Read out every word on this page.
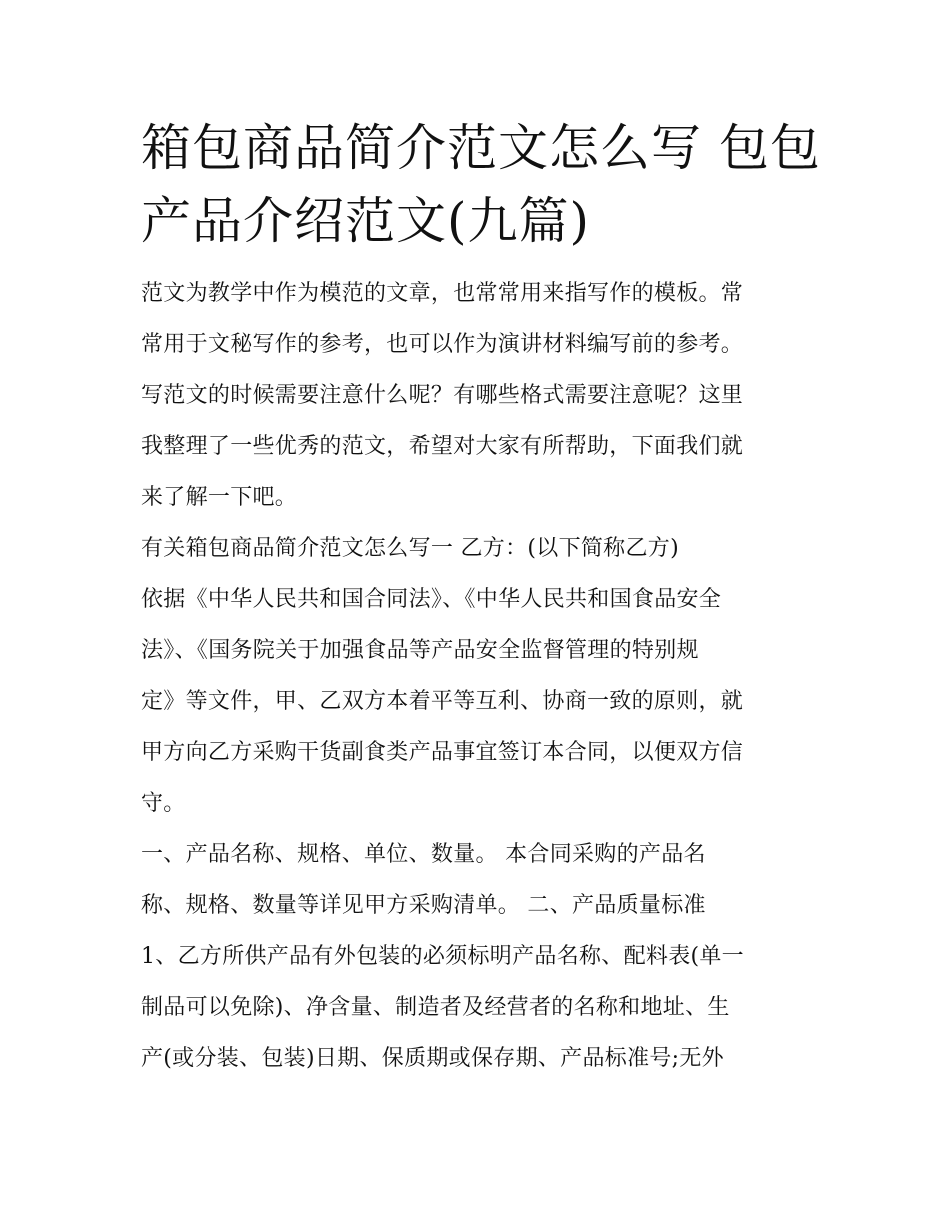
箱包商品简介范文怎么写 包包
产品介绍范文(九篇)
范文为教学中作为模范的文章，也常常用来指写作的模板。常
常用于文秘写作的参考，也可以作为演讲材料编写前的参考。
写范文的时候需要注意什么呢？有哪些格式需要注意呢？这里
我整理了一些优秀的范文，希望对大家有所帮助，下面我们就
来了解一下吧。
有关箱包商品简介范文怎么写一 乙方：(以下简称乙方)
依据《中华人民共和国合同法》、《中华人民共和国食品安全
法》、《国务院关于加强食品等产品安全监督管理的特别规
定》等文件，甲、乙双方本着平等互利、协商一致的原则，就
甲方向乙方采购干货副食类产品事宜签订本合同，以便双方信
守。
一、产品名称、规格、单位、数量。 本合同采购的产品名
称、规格、数量等详见甲方采购清单。 二、产品质量标准
1、乙方所供产品有外包装的必须标明产品名称、配料表(单一
制品可以免除)、净含量、制造者及经营者的名称和地址、生
产(或分装、包装)日期、保质期或保存期、产品标准号;无外
